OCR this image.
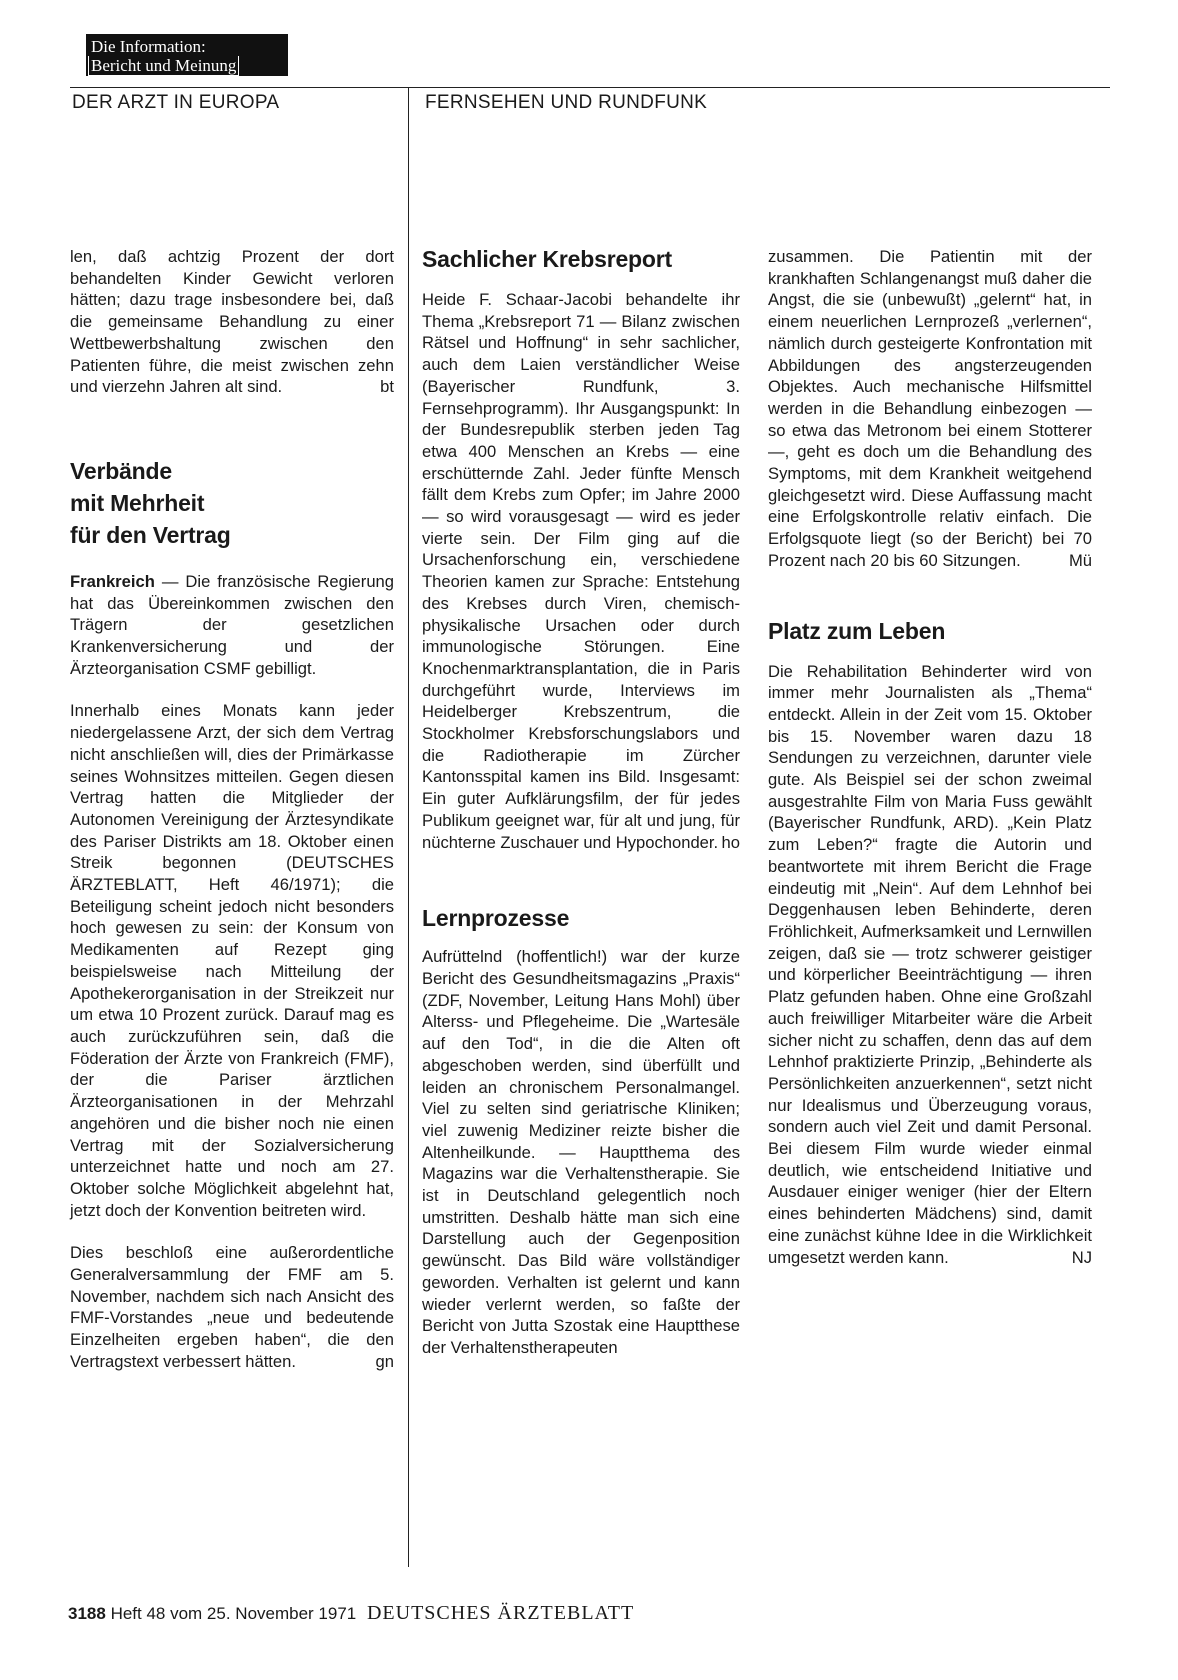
Die Information:
Bericht und Meinung
DER ARZT IN EUROPA	FERNSEHEN UND RUNDFUNK

len, daß achtzig Prozent der dort behandelten Kinder Gewicht verloren hätten; dazu trage insbesondere bei, daß die gemeinsame Behandlung zu einer Wettbewerbshaltung zwischen den Patienten führe, die meist zwischen zehn und vierzehn Jahren alt sind.	bt

Verbände
mit Mehrheit
für den Vertrag

Frankreich — Die französische Regierung hat das Übereinkommen zwischen den Trägern der gesetzlichen Krankenversicherung und der Ärzteorganisation CSMF gebilligt.

Innerhalb eines Monats kann jeder niedergelassene Arzt, der sich dem Vertrag nicht anschließen will, dies der Primärkasse seines Wohnsitzes mitteilen. Gegen diesen Vertrag hatten die Mitglieder der Autonomen Vereinigung der Ärztesyndikate des Pariser Distrikts am 18. Oktober einen Streik begonnen (DEUTSCHES ÄRZTEBLATT, Heft 46/1971); die Beteiligung scheint jedoch nicht besonders hoch gewesen zu sein: der Konsum von Medikamenten auf Rezept ging beispielsweise nach Mitteilung der Apothekerorganisation in der Streikzeit nur um etwa 10 Prozent zurück. Darauf mag es auch zurückzuführen sein, daß die Föderation der Ärzte von Frankreich (FMF), der die Pariser ärztlichen Ärzteorganisationen in der Mehrzahl angehören und die bisher noch nie einen Vertrag mit der Sozialversicherung unterzeichnet hatte und noch am 27. Oktober solche Möglichkeit abgelehnt hat, jetzt doch der Konvention beitreten wird.

Dies beschloß eine außerordentliche Generalversammlung der FMF am 5. November, nachdem sich nach Ansicht des FMF-Vorstandes „neue und bedeutende Einzelheiten ergeben haben“, die den Vertragstext verbessert hätten.	gn

Sachlicher Krebsreport

Heide F. Schaar-Jacobi behandelte ihr Thema „Krebsreport 71 — Bilanz zwischen Rätsel und Hoffnung“ in sehr sachlicher, auch dem Laien verständlicher Weise (Bayerischer Rundfunk, 3. Fernsehprogramm). Ihr Ausgangspunkt: In der Bundesrepublik sterben jeden Tag etwa 400 Menschen an Krebs — eine erschütternde Zahl. Jeder fünfte Mensch fällt dem Krebs zum Opfer; im Jahre 2000 — so wird vorausgesagt — wird es jeder vierte sein. Der Film ging auf die Ursachenforschung ein, verschiedene Theorien kamen zur Sprache: Entstehung des Krebses durch Viren, chemisch-physikalische Ursachen oder durch immunologische Störungen. Eine Knochenmarktransplantation, die in Paris durchgeführt wurde, Interviews im Heidelberger Krebszentrum, die Stockholmer Krebsforschungslabors und die Radiotherapie im Zürcher Kantonsspital kamen ins Bild. Insgesamt: Ein guter Aufklärungsfilm, der für jedes Publikum geeignet war, für alt und jung, für nüchterne Zuschauer und Hypochonder. ho

Lernprozesse

Aufrüttelnd (hoffentlich!) war der kurze Bericht des Gesundheitsmagazins „Praxis“ (ZDF, November, Leitung Hans Mohl) über Alterss- und Pflegeheime. Die „Wartesäle auf den Tod“, in die die Alten oft abgeschoben werden, sind überfüllt und leiden an chronischem Personalmangel. Viel zu selten sind geriatrische Kliniken; viel zuwenig Mediziner reizte bisher die Altenheilkunde. — Hauptthema des Magazins war die Verhaltenstherapie. Sie ist in Deutschland gelegentlich noch umstritten. Deshalb hätte man sich eine Darstellung auch der Gegenposition gewünscht. Das Bild wäre vollständiger geworden. Verhalten ist gelernt und kann wieder verlernt werden, so faßte der Bericht von Jutta Szostak eine Hauptthese der Verhaltenstherapeuten

zusammen. Die Patientin mit der krankhaften Schlangenangst muß daher die Angst, die sie (unbewußt) „gelernt“ hat, in einem neuerlichen Lernprozeß „verlernen“, nämlich durch gesteigerte Konfrontation mit Abbildungen des angsterzeugenden Objektes. Auch mechanische Hilfsmittel werden in die Behandlung einbezogen — so etwa das Metronom bei einem Stotterer —, geht es doch um die Behandlung des Symptoms, mit dem Krankheit weitgehend gleichgesetzt wird. Diese Auffassung macht eine Erfolgskontrolle relativ einfach. Die Erfolgsquote liegt (so der Bericht) bei 70 Prozent nach 20 bis 60 Sitzungen.	Mü

Platz zum Leben

Die Rehabilitation Behinderter wird von immer mehr Journalisten als „Thema“ entdeckt. Allein in der Zeit vom 15. Oktober bis 15. November waren dazu 18 Sendungen zu verzeichnen, darunter viele gute. Als Beispiel sei der schon zweimal ausgestrahlte Film von Maria Fuss gewählt (Bayerischer Rundfunk, ARD). „Kein Platz zum Leben?“ fragte die Autorin und beantwortete mit ihrem Bericht die Frage eindeutig mit „Nein“. Auf dem Lehnhof bei Deggenhausen leben Behinderte, deren Fröhlichkeit, Aufmerksamkeit und Lernwillen zeigen, daß sie — trotz schwerer geistiger und körperlicher Beeinträchtigung — ihren Platz gefunden haben. Ohne eine Großzahl auch freiwilliger Mitarbeiter wäre die Arbeit sicher nicht zu schaffen, denn das auf dem Lehnhof praktizierte Prinzip, „Behinderte als Persönlichkeiten anzuerkennen“, setzt nicht nur Idealismus und Überzeugung voraus, sondern auch viel Zeit und damit Personal. Bei diesem Film wurde wieder einmal deutlich, wie entscheidend Initiative und Ausdauer einiger weniger (hier der Eltern eines behinderten Mädchens) sind, damit eine zunächst kühne Idee in die Wirklichkeit umgesetzt werden kann.	NJ

3188 Heft 48 vom 25. November 1971 DEUTSCHES ÄRZTEBLATT
